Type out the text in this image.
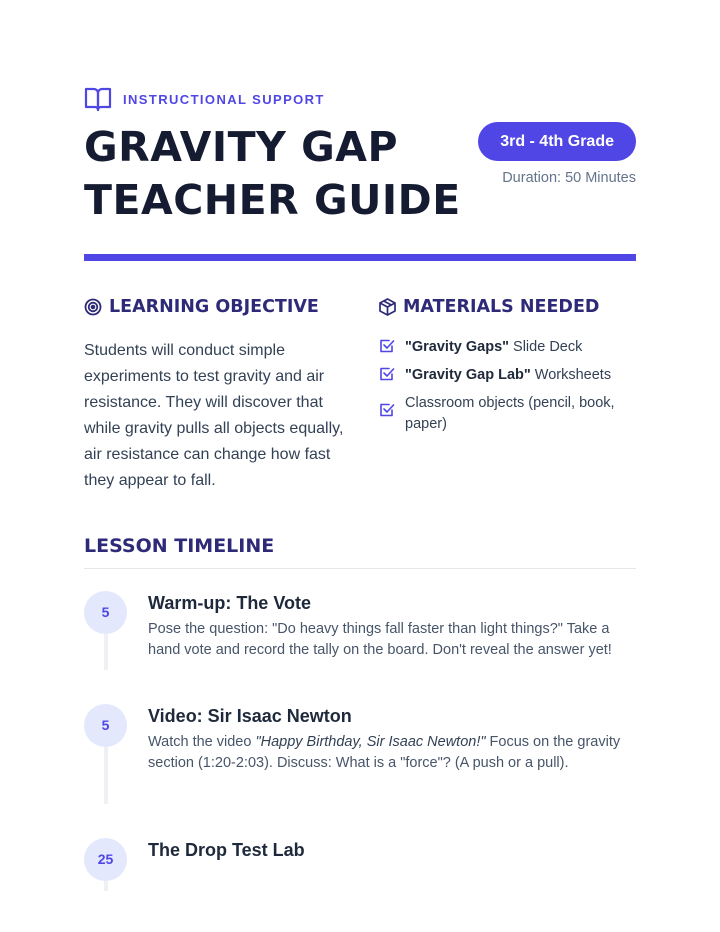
INSTRUCTIONAL SUPPORT
GRAVITY GAP
TEACHER GUIDE
3rd - 4th Grade
Duration: 50 Minutes
LEARNING OBJECTIVE
Students will conduct simple experiments to test gravity and air resistance. They will discover that while gravity pulls all objects equally, air resistance can change how fast they appear to fall.
MATERIALS NEEDED
"Gravity Gaps" Slide Deck
"Gravity Gap Lab" Worksheets
Classroom objects (pencil, book, paper)
LESSON TIMELINE
5	Warm-up: The Vote
Pose the question: "Do heavy things fall faster than light things?" Take a hand vote and record the tally on the board. Don't reveal the answer yet!
5	Video: Sir Isaac Newton
Watch the video "Happy Birthday, Sir Isaac Newton!" Focus on the gravity section (1:20-2:03). Discuss: What is a "force"? (A push or a pull).
25	The Drop Test Lab
